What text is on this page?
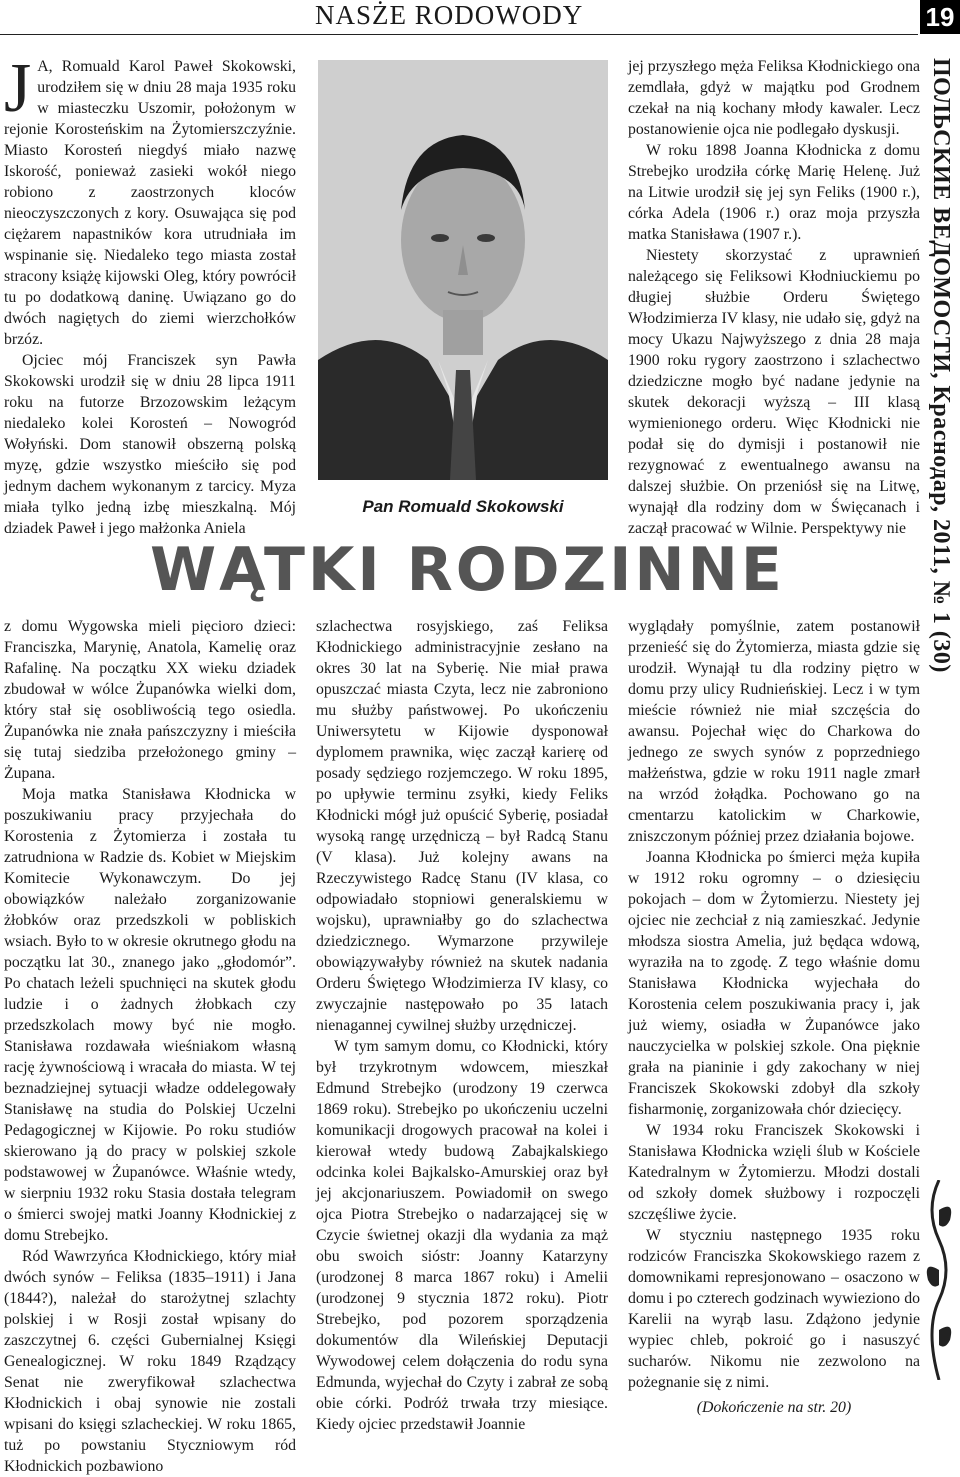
NASŻE RODOWODY	19
ПОЛЬСКИЕ ВЕДОМОСТИ, Краснодар, 2011, № 1 (30)

J A, Romuald Karol Paweł Skokowski, urodziłem się w dniu 28 maja 1935 roku w miasteczku Uszomir, położonym w rejonie Korosteńskim na Żytomierszczyźnie. Miasto Korosteń niegdyś miało nazwę Iskorość, ponieważ zasieki wokół niego robiono z zaostrzonych kloców nieoczyszczonych z kory. Osuwająca się pod ciężarem napastników kora utrudniała im wspinanie się. Niedaleko tego miasta został stracony książę kijowski Oleg, który powrócił tu po dodatkową daninę. Uwiązano go do dwóch nagiętych do ziemi wierzchołków brzóz.

Ojciec mój Franciszek syn Pawła Skokowski urodził się w dniu 28 lipca 1911 roku na futorze Brzozowskim leżącym niedaleko kolei Korosteń – Nowogród Wołyński. Dom stanowił obszerną polską myzę, gdzie wszystko mieściło się pod jednym dachem wykonanym z tarcicy. Myza miała tylko jedną izbę mieszkalną. Mój dziadek Paweł i jego małżonka Aniela

Pan Romuald Skokowski

jej przyszłego męża Feliksa Kłodnickiego ona zemdlała, gdyż w majątku pod Grodnem czekał na nią kochany młody kawaler. Lecz postanowienie ojca nie podlegało dyskusji.

W roku 1898 Joanna Kłodnicka z domu Strebejko urodziła córkę Marię Helenę. Już na Litwie urodził się jej syn Feliks (1900 r.), córka Adela (1906 r.) oraz moja przyszła matka Stanisława (1907 r.).

Niestety skorzystać z uprawnień należącego się Feliksowi Kłodniuckiemu po długiej służbie Orderu Świętego Włodzimierza IV klasy, nie udało się, gdyż na mocy Ukazu Najwyższego z dnia 28 maja 1900 roku rygory zaostrzono i szlachectwo dziedziczne mogło być nadane jedynie na skutek dekoracji wyższą – III klasą wymienionego orderu. Więc Kłodnicki nie podał się do dymisji i postanowił nie rezygnować z ewentualnego awansu na dalszej służbie. On przeniósł się na Litwę, wynajął dla rodziny dom w Święcanach i zaczął pracować w Wilnie. Perspektywy nie

WĄTKI RODZINNE

z domu Wygowska mieli pięcioro dzieci: Franciszka, Marynię, Anatola, Kamelię oraz Rafalinę. Na początku XX wieku dziadek zbudował w wólce Żupanówka wielki dom, który stał się osobliwością tego osiedla. Żupanówka nie znała pańszczyzny i mieściła się tutaj siedziba przełożonego gminy – Żupana.

Moja matka Stanisława Kłodnicka w poszukiwaniu pracy przyjechała do Korostenia z Żytomierza i została tu zatrudniona w Radzie ds. Kobiet w Miejskim Komitecie Wykonawczym. Do jej obowiązków należało zorganizowanie żłobków oraz przedszkoli w pobliskich wsiach. Było to w okresie okrutnego głodu na początku lat 30., znanego jako „głodomór”. Po chatach leżeli spuchnięci na skutek głodu ludzie i o żadnych żłobkach czy przedszkolach mowy być nie mogło. Stanisława rozdawała wieśniakom własną rację żywnościową i wracała do miasta. W tej beznadziejnej sytuacji władze oddelegowały Stanisławę na studia do Polskiej Uczelni Pedagogicznej w Kijowie. Po roku studiów skierowano ją do pracy w polskiej szkole podstawowej w Żupanówce. Właśnie wtedy, w sierpniu 1932 roku Stasia dostała telegram o śmierci swojej matki Joanny Kłodnickiej z domu Strebejko.

Ród Wawrzyńca Kłodnickiego, który miał dwóch synów – Feliksa (1835–1911) i Jana (1844?), należał do starożytnej szlachty polskiej i w Rosji został wpisany do zaszczytnej 6. części Gubernialnej Księgi Genealogicznej. W roku 1849 Rządzący Senat nie zweryfikował szlachectwa Kłodnickich i obaj synowie nie zostali wpisani do księgi szlacheckiej. W roku 1865, tuż po powstaniu Styczniowym ród Kłodnickich pozbawiono

szlachectwa rosyjskiego, zaś Feliksa Kłodnickiego administracyjnie zesłano na okres 30 lat na Syberię. Nie miał prawa opuszczać miasta Czyta, lecz nie zabroniono mu służby państwowej. Po ukończeniu Uniwersytetu w Kijowie dysponował dyplomem prawnika, więc zaczął karierę od posady sędziego rozjemczego. W roku 1895, po upływie terminu zsyłki, kiedy Feliks Kłodnicki mógł już opuścić Syberię, posiadał wysoką rangę urzędniczą – był Radcą Stanu (V klasa). Już kolejny awans na Rzeczywistego Radcę Stanu (IV klasa, co odpowiadało stopniowi generalskiemu w wojsku), uprawniałby go do szlachectwa dziedzicznego. Wymarzone przywileje obowiązywałyby również na skutek nadania Orderu Świętego Włodzimierza IV klasy, co zwyczajnie następowało po 35 latach nienagannej cywilnej służby urzędniczej.

W tym samym domu, co Kłodnicki, który był trzykrotnym wdowcem, mieszkał Edmund Strebejko (urodzony 19 czerwca 1869 roku). Strebejko po ukończeniu uczelni komunikacji drogowych pracował na kolei i kierował wtedy budową Zabajkalskiego odcinka kolei Bajkalsko-Amurskiej oraz był jej akcjonariuszem. Powiadomił on swego ojca Piotra Strebejko o nadarzającej się w Czycie świetnej okazji dla wydania za mąż obu swoich sióstr: Joanny Katarzyny (urodzonej 8 marca 1867 roku) i Amelii (urodzonej 9 stycznia 1872 roku). Piotr Strebejko, pod pozorem sporządzenia dokumentów dla Wileńskiej Deputacji Wywodowej celem dołączenia do rodu syna Edmunda, wyjechał do Czyty i zabrał ze sobą obie córki. Podróż trwała trzy miesiące. Kiedy ojciec przedstawił Joannie

wyglądały pomyślnie, zatem postanowił przenieść się do Żytomierza, miasta gdzie się urodził. Wynajął tu dla rodziny piętro w domu przy ulicy Rudnieńskiej. Lecz i w tym mieście również nie miał szczęścia do awansu. Pojechał więc do Charkowa do jednego ze swych synów z poprzedniego małżeństwa, gdzie w roku 1911 nagle zmarł na wrzód żołądka. Pochowano go na cmentarzu katolickim w Charkowie, zniszczonym później przez działania bojowe.

Joanna Kłodnicka po śmierci męża kupiła w 1912 roku ogromny – o dziesięciu pokojach – dom w Żytomierzu. Niestety jej ojciec nie zechciał z nią zamieszkać. Jedynie młodsza siostra Amelia, już będąca wdową, wyraziła na to zgodę. Z tego właśnie domu Stanisława Kłodnicka wyjechała do Korostenia celem poszukiwania pracy i, jak już wiemy, osiadła w Żupanówce jako nauczycielka w polskiej szkole. Ona pięknie grała na pianinie i gdy zakochany w niej Franciszek Skokowski zdobył dla szkoły fisharmonię, zorganizowała chór dziecięcy.

W 1934 roku Franciszek Skokowski i Stanisława Kłodnicka wzięli ślub w Kościele Katedralnym w Żytomierzu. Młodzi dostali od szkoły domek służbowy i rozpoczęli szczęśliwe życie.

W styczniu następnego 1935 roku rodziców Franciszka Skokowskiego razem z domownikami represjonowano – osaczono w domu i po czterech godzinach wywieziono do Karelii na wyrąb lasu. Zdążono jedynie wypiec chleb, pokroić go i nasuszyć sucharów. Nikomu nie zezwolono na pożegnanie się z nimi.

(Dokończenie na str. 20)
